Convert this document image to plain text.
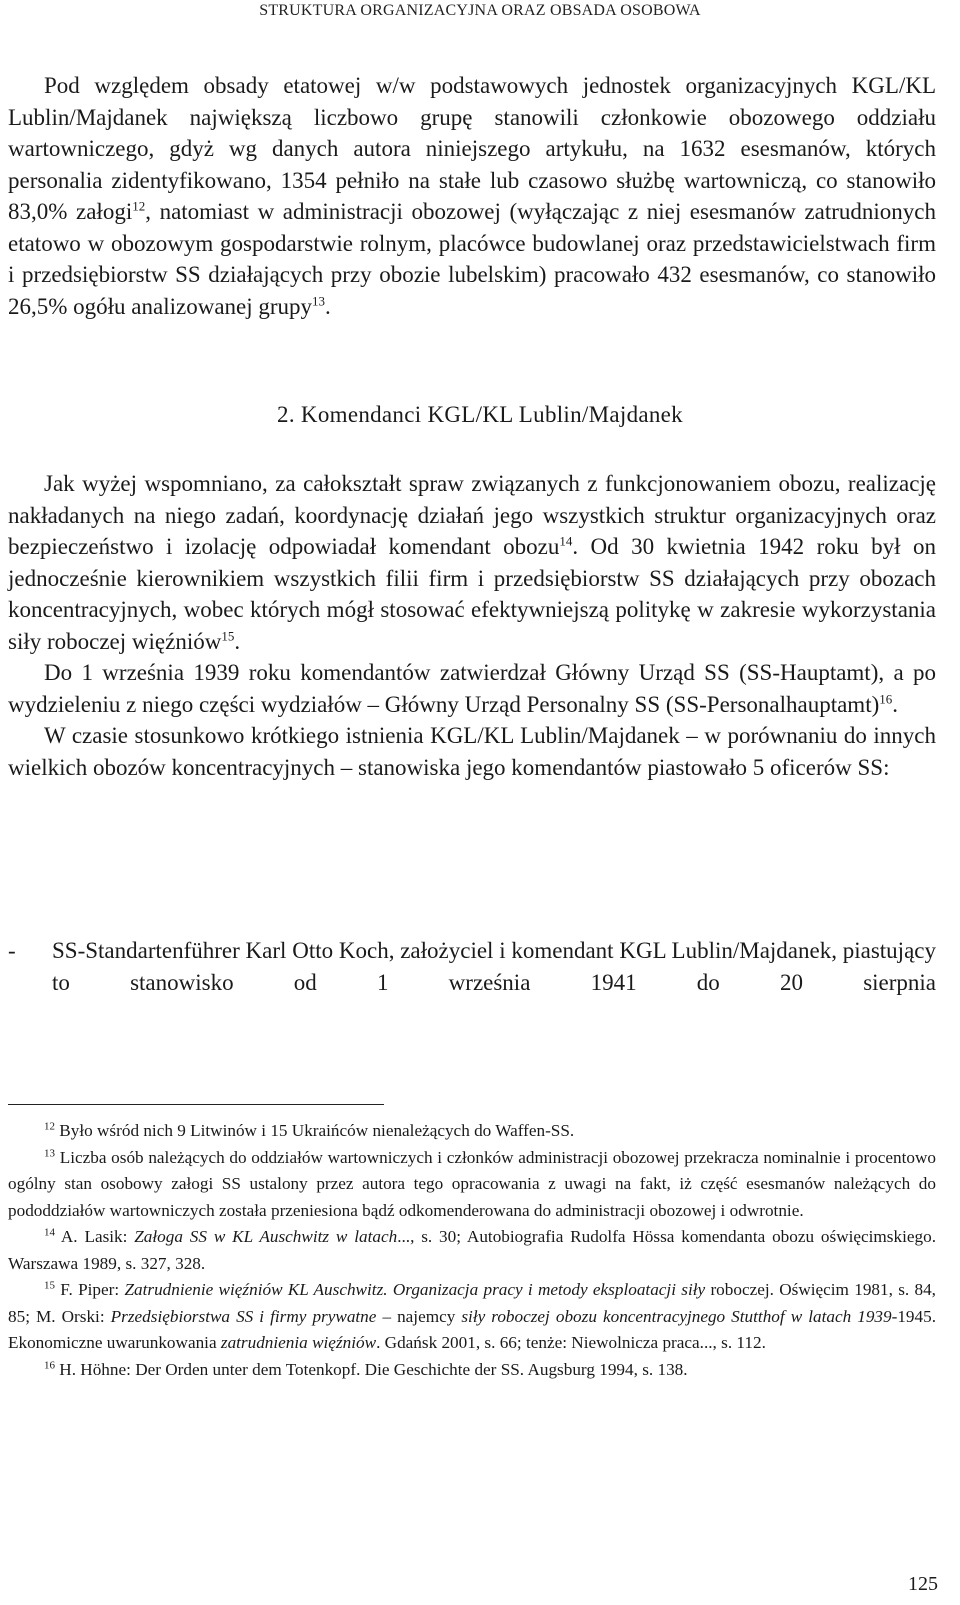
STRUKTURA ORGANIZACYJNA ORAZ OBSADA OSOBOWA

Pod względem obsady etatowej w/w podstawowych jednostek organizacyjnych KGL/KL Lublin/Majdanek największą liczbowo grupę stanowili członkowie obozowego oddziału wartowniczego, gdyż wg danych autora niniejszego artykułu, na 1632 esesmanów, których personalia zidentyfikowano, 1354 pełniło na stałe lub czasowo służbę wartowniczą, co stanowiło 83,0% załogi$^{12}$, natomiast w administracji obozowej (wyłączając z niej esesmanów zatrudnionych etatowo w obozowym gospodarstwie rolnym, placówce budowlanej oraz przedstawicielstwach firm i przedsiębiorstw SS działających przy obozie lubelskim) pracowało 432 esesmanów, co stanowiło 26,5% ogółu analizowanej grupy$^{13}$.

2. Komendanci KGL/KL Lublin/Majdanek

Jak wyżej wspomniano, za całokształt spraw związanych z funkcjonowaniem obozu, realizację nakładanych na niego zadań, koordynację działań jego wszystkich struktur organizacyjnych oraz bezpieczeństwo i izolację odpowiadał komendant obozu$^{14}$. Od 30 kwietnia 1942 roku był on jednocześnie kierownikiem wszystkich filii firm i przedsiębiorstw SS działających przy obozach koncentracyjnych, wobec których mógł stosować efektywniejszą politykę w zakresie wykorzystania siły roboczej więźniów$^{15}$.

Do 1 września 1939 roku komendantów zatwierdzał Główny Urząd SS (SS-Hauptamt), a po wydzieleniu z niego części wydziałów – Główny Urząd Personalny SS (SS-Personalhauptamt)$^{16}$.

W czasie stosunkowo krótkiego istnienia KGL/KL Lublin/Majdanek – w porównaniu do innych wielkich obozów koncentracyjnych – stanowiska jego komendantów piastowało 5 oficerów SS:

-	SS-Standartenführer Karl Otto Koch, założyciel i komendant KGL Lublin/Majdanek, piastujący to stanowisko od 1 września 1941 do 20 sierpnia

$^{12}$ Było wśród nich 9 Litwinów i 15 Ukraińców nienależących do Waffen-SS.

$^{13}$ Liczba osób należących do oddziałów wartowniczych i członków administracji obozowej przekracza nominalnie i procentowo ogólny stan osobowy załogi SS ustalony przez autora tego opracowania z uwagi na fakt, iż część esesmanów należących do pododdziałów wartowniczych została przeniesiona bądź odkomenderowana do administracji obozowej i odwrotnie.

$^{14}$ A. Lasik: Załoga SS w KL Auschwitz w latach..., s. 30; Autobiografia Rudolfa Hössa komendanta obozu oświęcimskiego. Warszawa 1989, s. 327, 328.

$^{15}$ F. Piper: Zatrudnienie więźniów KL Auschwitz. Organizacja pracy i metody eksploatacji siły roboczej. Oświęcim 1981, s. 84, 85; M. Orski: Przedsiębiorstwa SS i firmy prywatne – najemcy siły roboczej obozu koncentracyjnego Stutthof w latach 1939-1945. Ekonomiczne uwarunkowania zatrudnienia więźniów. Gdańsk 2001, s. 66; tenże: Niewolnicza praca..., s. 112.

$^{16}$ H. Höhne: Der Orden unter dem Totenkopf. Die Geschichte der SS. Augsburg 1994, s. 138.

125
